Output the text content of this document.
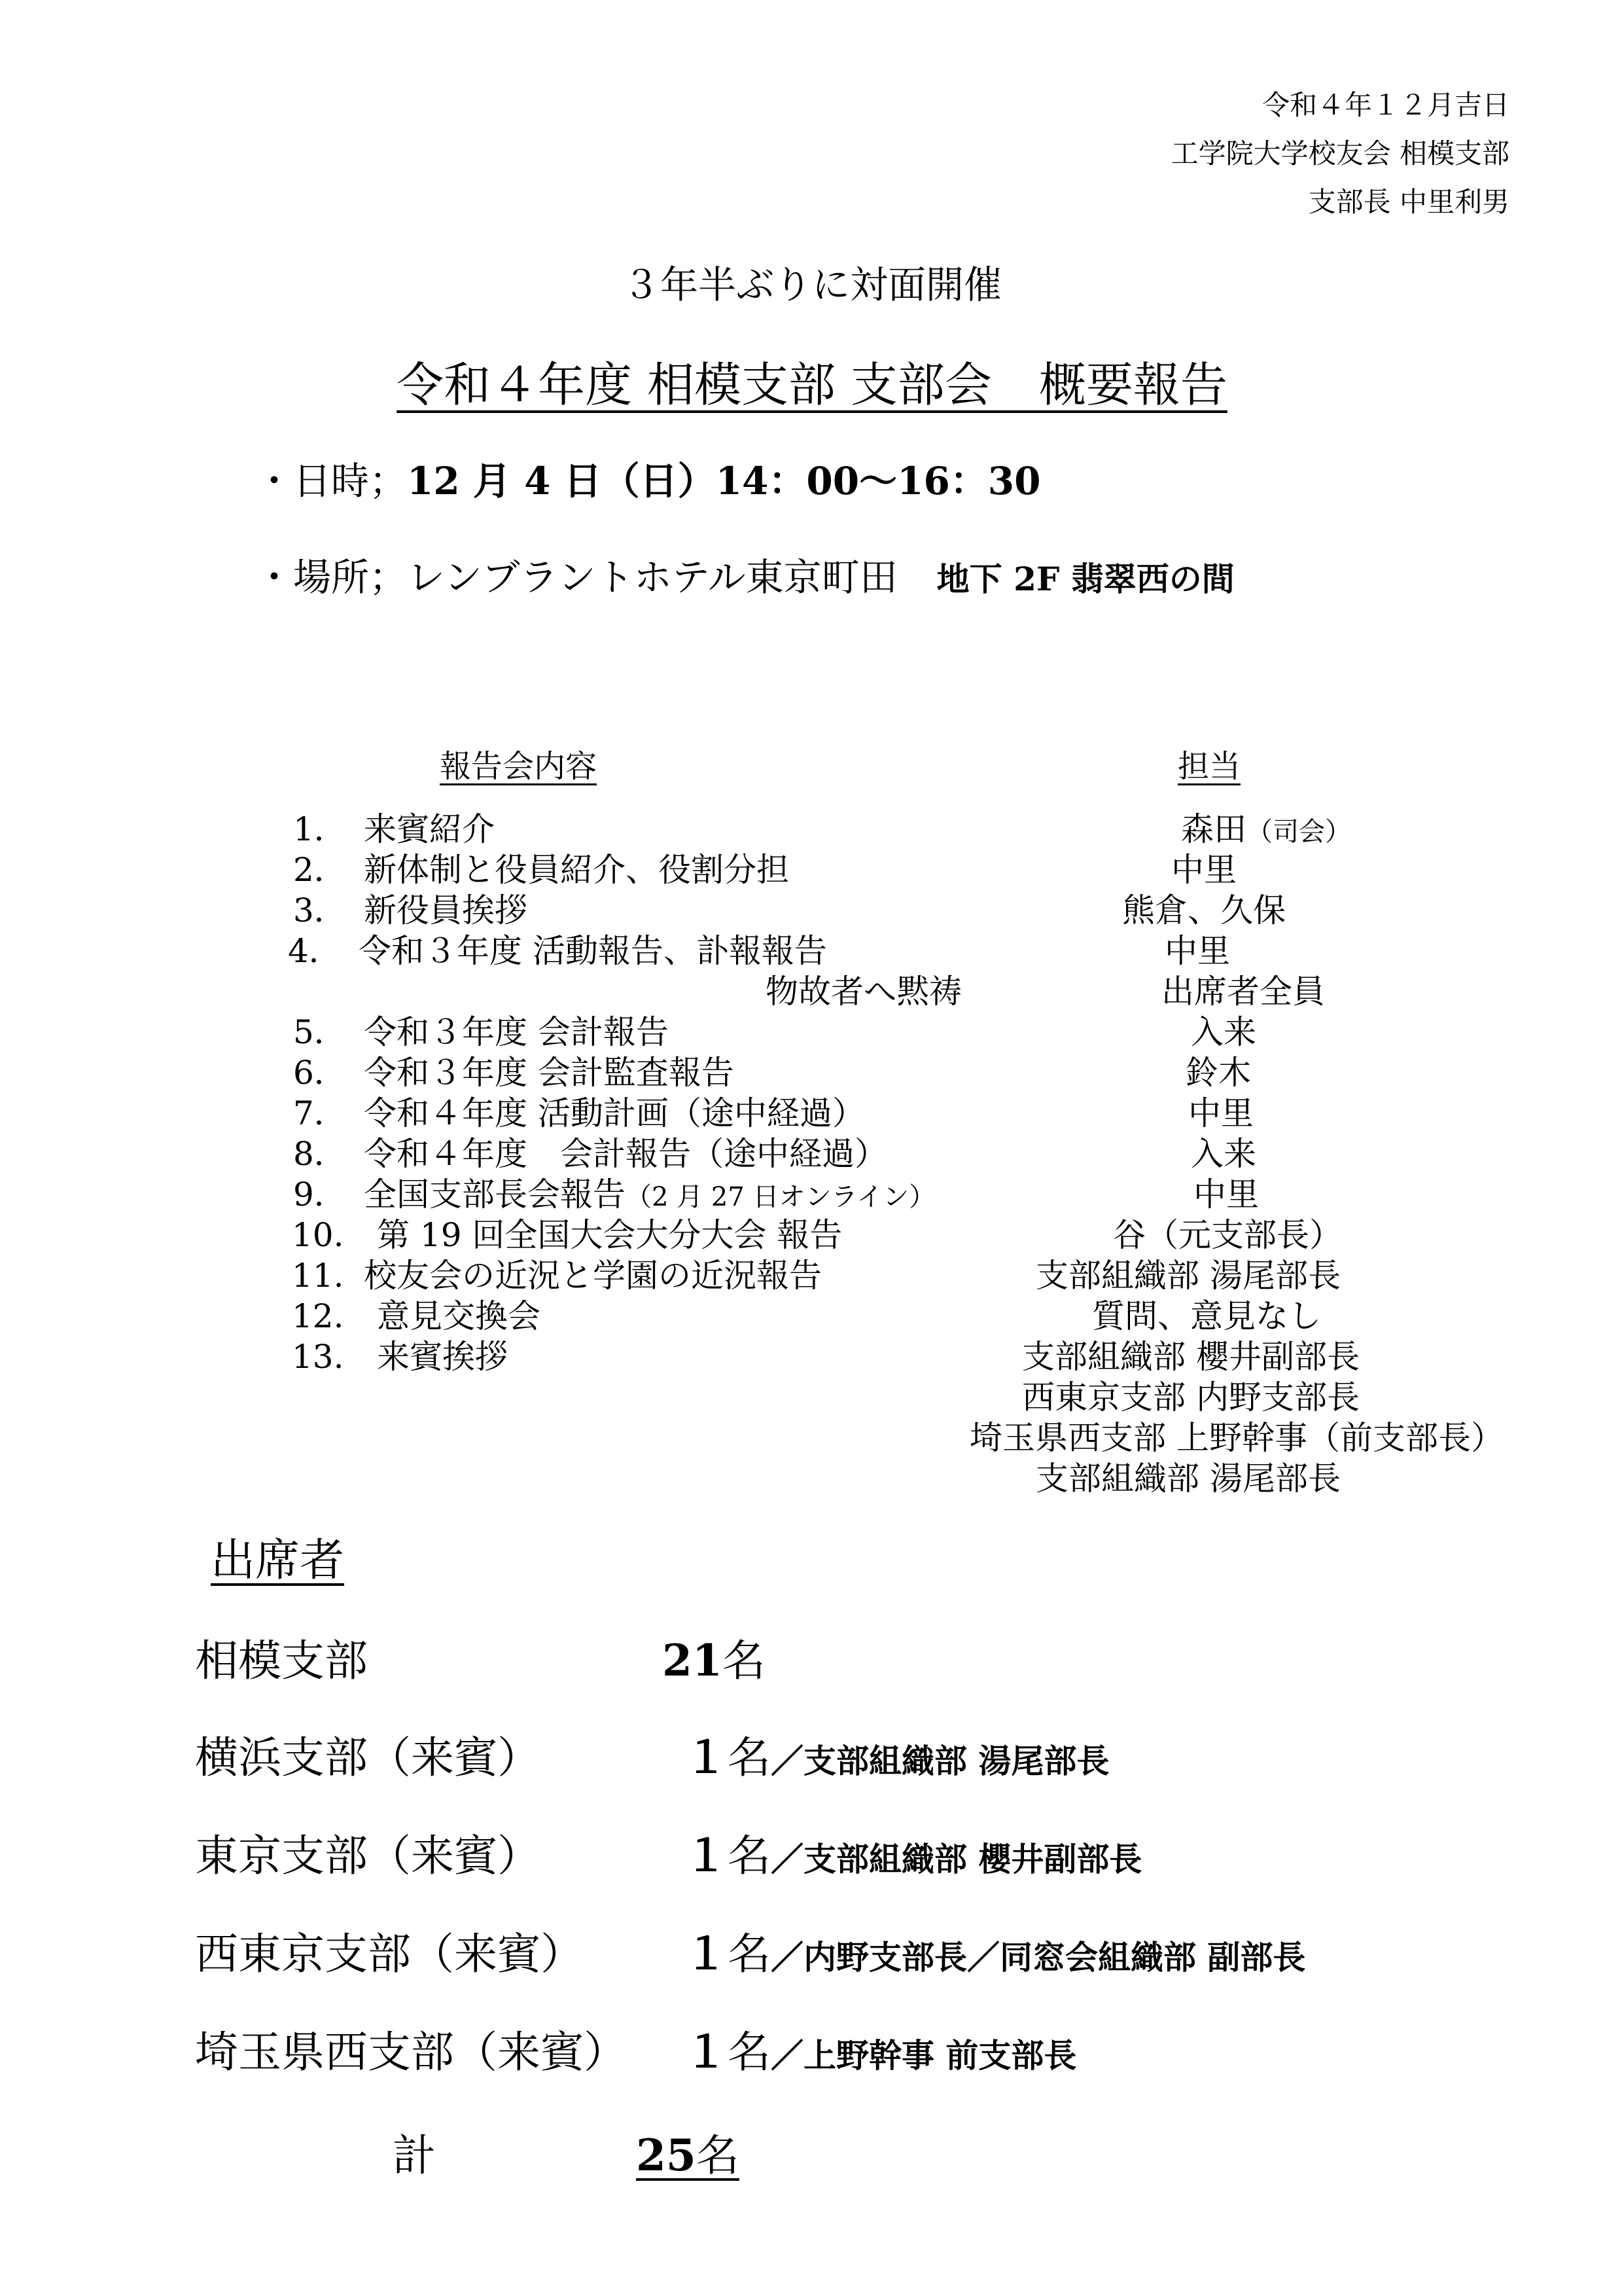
令和４年１２月吉日
工学院大学校友会 相模支部
支部長 中里利男
３年半ぶりに対面開催
令和４年度 相模支部 支部会　概要報告
・日時；12 月 4 日（日）14：00～16：30
・場所；レンブラントホテル東京町田 地下 2F 翡翠西の間
報告会内容	担当
1． 来賓紹介	森田（司会）
2． 新体制と役員紹介、役割分担	中里
3． 新役員挨拶	熊倉、久保
4． 令和３年度 活動報告、訃報報告	中里
物故者へ黙祷	出席者全員
5． 令和３年度 会計報告	入来
6． 令和３年度 会計監査報告	鈴木
7． 令和４年度 活動計画（途中経過）	中里
8． 令和４年度　会計報告（途中経過）	入来
9． 全国支部長会報告（2 月 27 日オンライン）	中里
10. 第 19 回全国大会大分大会 報告	谷（元支部長）
11. 校友会の近況と学園の近況報告	支部組織部 湯尾部長
12. 意見交換会	質問、意見なし
13. 来賓挨拶	支部組織部 櫻井副部長
西東京支部 内野支部長
埼玉県西支部 上野幹事（前支部長）
支部組織部 湯尾部長
出席者
相模支部	21名
横浜支部（来賓）	１名／支部組織部 湯尾部長
東京支部（来賓）	１名／支部組織部 櫻井副部長
西東京支部（来賓） １名／内野支部長／同窓会組織部 副部長
埼玉県西支部（来賓） １名／上野幹事 前支部長
計	25名
